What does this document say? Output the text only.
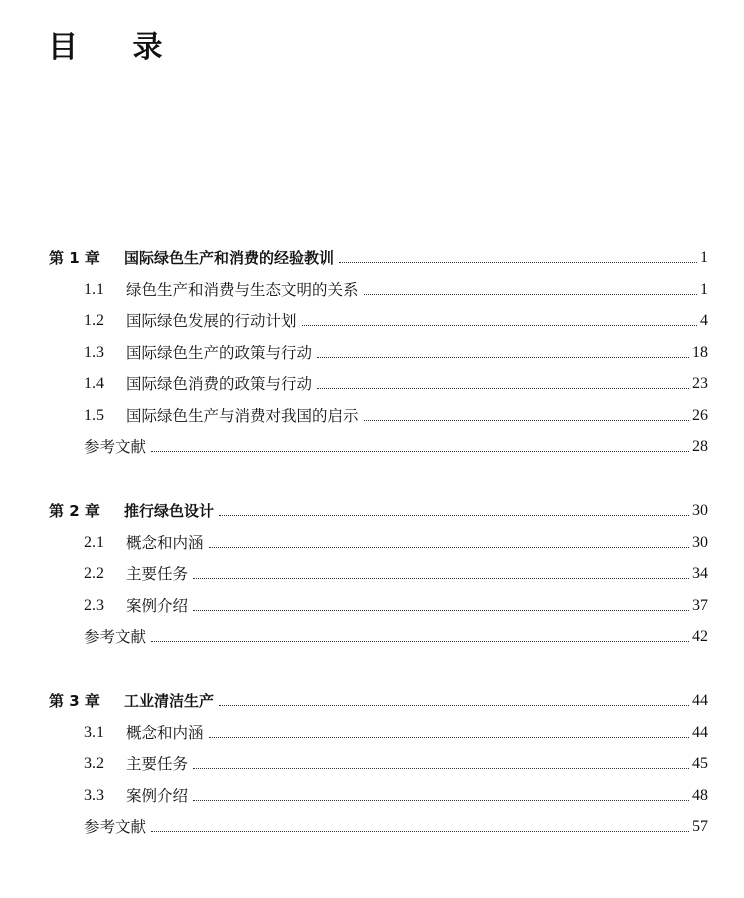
目 录
第 1 章	国际绿色生产和消费的经验教训	1
1.1	绿色生产和消费与生态文明的关系	1
1.2	国际绿色发展的行动计划	4
1.3	国际绿色生产的政策与行动	18
1.4	国际绿色消费的政策与行动	23
1.5	国际绿色生产与消费对我国的启示	26
参考文献	28
第 2 章	推行绿色设计	30
2.1	概念和内涵	30
2.2	主要任务	34
2.3	案例介绍	37
参考文献	42
第 3 章	工业清洁生产	44
3.1	概念和内涵	44
3.2	主要任务	45
3.3	案例介绍	48
参考文献	57
